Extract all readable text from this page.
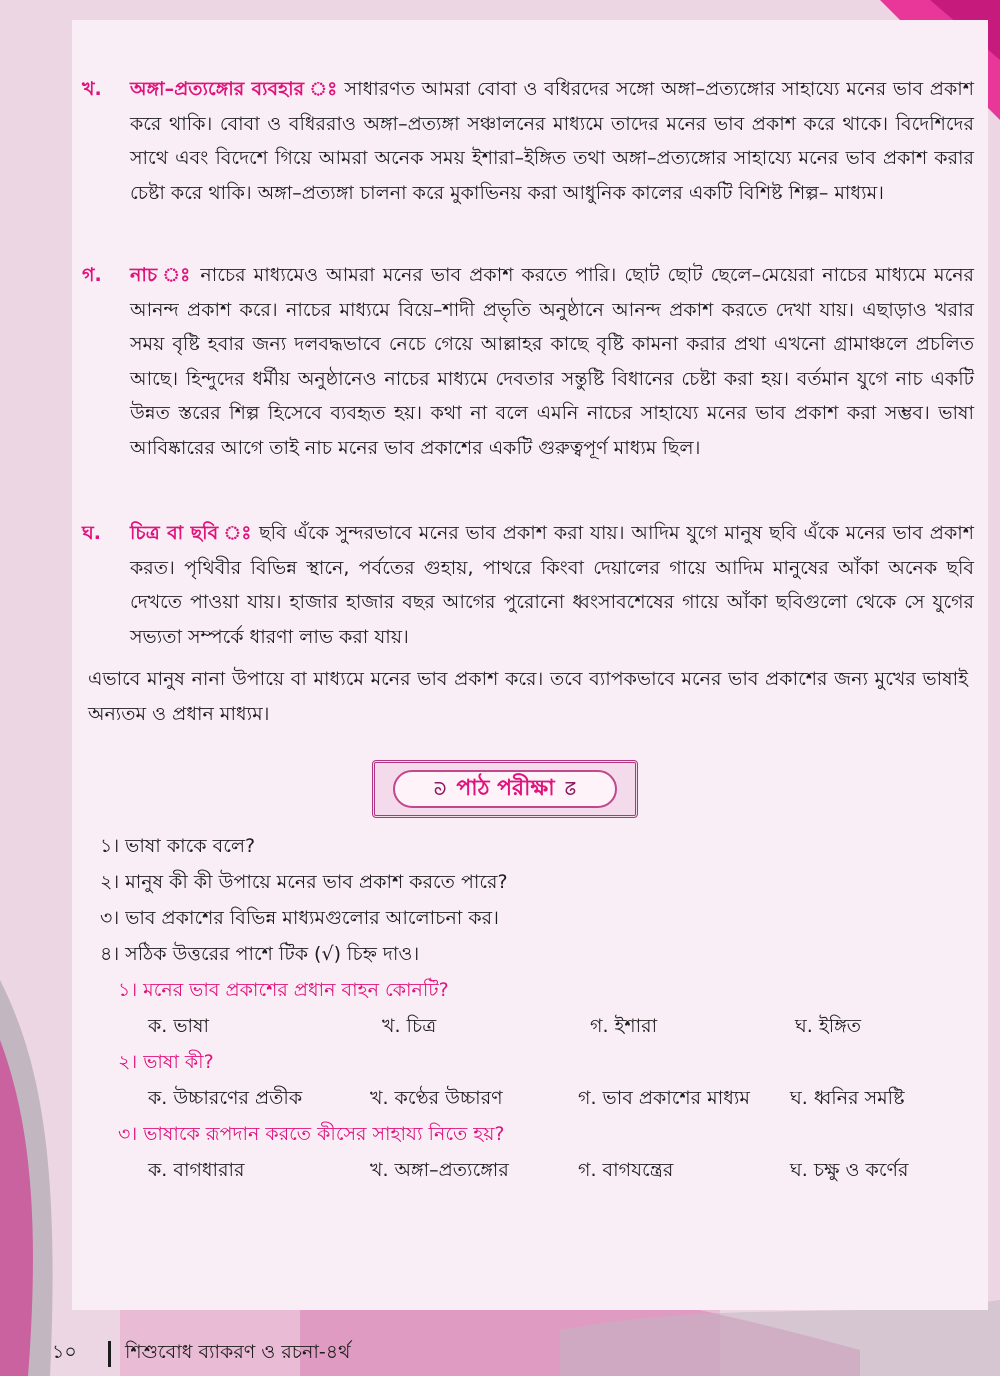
খ.	অঙ্গা–প্রত্যঙ্গোর ব্যবহার ঃ সাধারণত আমরা বোবা ও বধিরদের সঙ্গো অঙ্গা–প্রত্যঙ্গোর সাহায্যে মনের ভাব প্রকাশ করে থাকি। বোবা ও বধিররাও অঙ্গা–প্রত্যঙ্গা সঞ্চালনের মাধ্যমে তাদের মনের ভাব প্রকাশ করে থাকে। বিদেশিদের সাথে এবং বিদেশে গিয়ে আমরা অনেক সময় ইশারা–ইঙ্গিত তথা অঙ্গা–প্রত্যঙ্গোর সাহায্যে মনের ভাব প্রকাশ করার চেষ্টা করে থাকি। অঙ্গা–প্রত্যঙ্গা চালনা করে মুকাভিনয় করা আধুনিক কালের একটি বিশিষ্ট শিল্প– মাধ্যম।
গ.	নাচ ঃ নাচের মাধ্যমেও আমরা মনের ভাব প্রকাশ করতে পারি। ছোট ছোট ছেলে–মেয়েরা নাচের মাধ্যমে মনের আনন্দ প্রকাশ করে। নাচের মাধ্যমে বিয়ে–শাদী প্রভৃতি অনুষ্ঠানে আনন্দ প্রকাশ করতে দেখা যায়। এছাড়াও খরার সময় বৃষ্টি হবার জন্য দলবদ্ধভাবে নেচে গেয়ে আল্লাহর কাছে বৃষ্টি কামনা করার প্রথা এখনো গ্রামাঞ্চলে প্রচলিত আছে। হিন্দুদের ধর্মীয় অনুষ্ঠানেও নাচের মাধ্যমে দেবতার সন্তুষ্টি বিধানের চেষ্টা করা হয়। বর্তমান যুগে নাচ একটি উন্নত স্তরের শিল্প হিসেবে ব্যবহৃত হয়। কথা না বলে এমনি নাচের সাহায্যে মনের ভাব প্রকাশ করা সম্ভব। ভাষা আবিষ্কারের আগে তাই নাচ মনের ভাব প্রকাশের একটি গুরুত্বপূর্ণ মাধ্যম ছিল।
ঘ.	চিত্র বা ছবি ঃ ছবি এঁকে সুন্দরভাবে মনের ভাব প্রকাশ করা যায়। আদিম যুগে মানুষ ছবি এঁকে মনের ভাব প্রকাশ করত। পৃথিবীর বিভিন্ন স্থানে, পর্বতের গুহায়, পাথরে কিংবা দেয়ালের গায়ে আদিম মানুষের আঁকা অনেক ছবি দেখতে পাওয়া যায়। হাজার হাজার বছর আগের পুরোনো ধ্বংসাবশেষের গায়ে আঁকা ছবিগুলো থেকে সে যুগের সভ্যতা সম্পর্কে ধারণা লাভ করা যায়।
এভাবে মানুষ নানা উপায়ে বা মাধ্যমে মনের ভাব প্রকাশ করে। তবে ব্যাপকভাবে মনের ভাব প্রকাশের জন্য মুখের ভাষাই অন্যতম ও প্রধান মাধ্যম।
ᘐ পাঠ পরীক্ষা ᘔ
১। ভাষা কাকে বলে?
২। মানুষ কী কী উপায়ে মনের ভাব প্রকাশ করতে পারে?
৩। ভাব প্রকাশের বিভিন্ন মাধ্যমগুলোর আলোচনা কর।
৪। সঠিক উত্তরের পাশে টিক (√) চিহ্ন দাও।
১। মনের ভাব প্রকাশের প্রধান বাহন কোনটি?
ক. ভাষা	খ. চিত্র	গ. ইশারা	ঘ. ইঙ্গিত
২। ভাষা কী?
ক. উচ্চারণের প্রতীক	খ. কণ্ঠের উচ্চারণ	গ. ভাব প্রকাশের মাধ্যম ঘ. ধ্বনির সমষ্টি
৩। ভাষাকে রূপদান করতে কীসের সাহায্য নিতে হয়?
ক. বাগধারার	খ. অঙ্গা–প্রত্যঙ্গোর	গ. বাগযন্ত্রের	ঘ. চক্ষু ও কর্ণের
১০	শিশুবোধ ব্যাকরণ ও রচনা-৪র্থ
